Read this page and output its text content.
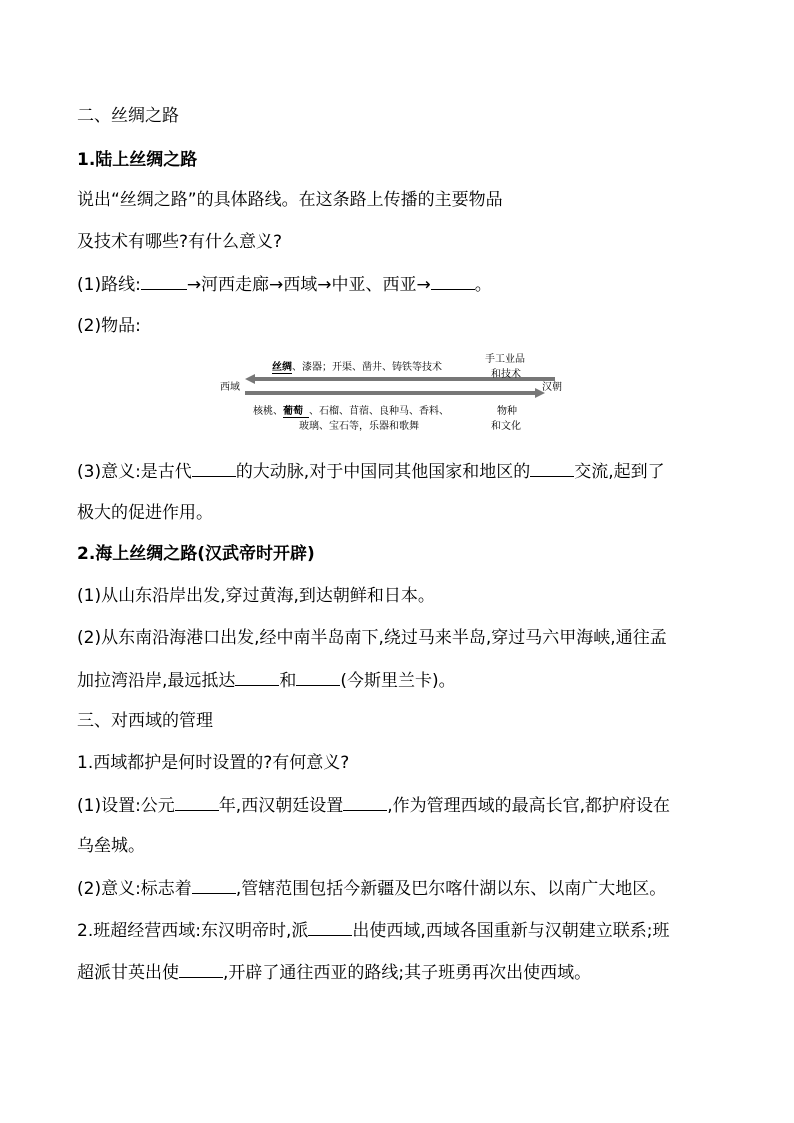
二、丝绸之路
1.陆上丝绸之路
说出“丝绸之路”的具体路线。在这条路上传播的主要物品
及技术有哪些?有什么意义?
(1)路线:	→河西走廊→西域→中亚、西亚→	。
(2)物品:
丝绸、漆器；开渠、凿井、铸铁等技术
手工业品
和技术
西域	汉朝
核桃、葡萄 、石榴、苜蓿、良种马、香料、
玻璃、宝石等，乐器和歌舞
物种
和文化
(3)意义:是古代	的大动脉,对于中国同其他国家和地区的	交流,起到了
极大的促进作用。
2.海上丝绸之路(汉武帝时开辟)
(1)从山东沿岸出发,穿过黄海,到达朝鲜和日本。
(2)从东南沿海港口出发,经中南半岛南下,绕过马来半岛,穿过马六甲海峡,通往孟
加拉湾沿岸,最远抵达	和	(今斯里兰卡)。
三、对西域的管理
1.西域都护是何时设置的?有何意义?
(1)设置:公元	年,西汉朝廷设置	,作为管理西域的最高长官,都护府设在
乌垒城。
(2)意义:标志着	,管辖范围包括今新疆及巴尔喀什湖以东、以南广大地区。
2.班超经营西域:东汉明帝时,派	出使西域,西域各国重新与汉朝建立联系;班
超派甘英出使	,开辟了通往西亚的路线;其子班勇再次出使西域。
